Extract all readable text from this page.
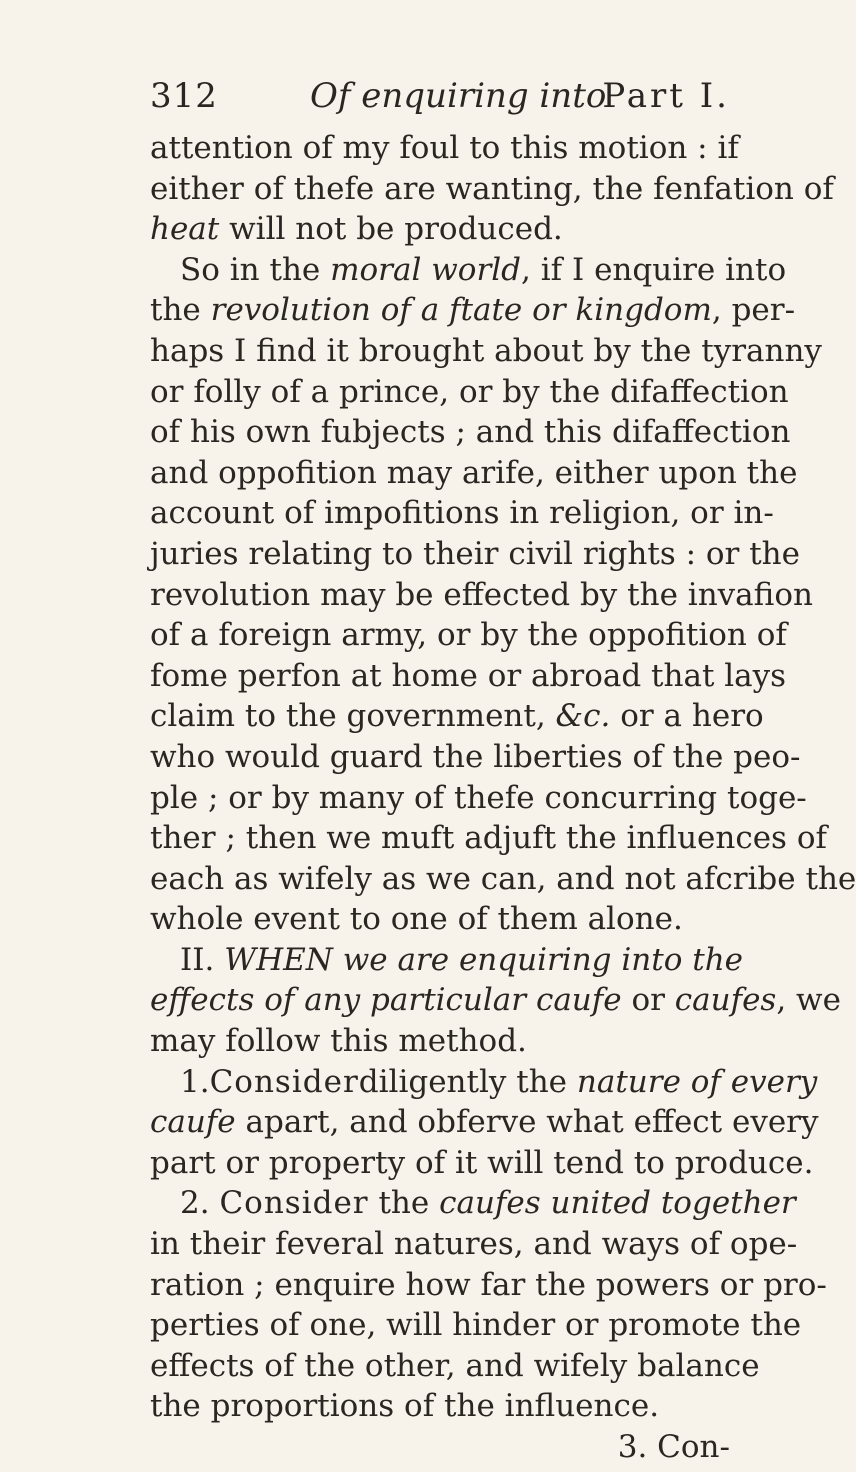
312	Of enquiring into
Part I.
attention of my foul to this motion : if
either of thefe are wanting, the fenfation of
heat will not be produced.
So in the moral world, if I enquire into
the revolution of a ftate or kingdom, per-
haps I find it brought about by the tyranny
or folly of a prince, or by the difaffection
of his own fubjects ; and this difaffection
and oppofition may arife, either upon the
account of impofitions in religion, or in-
juries relating to their civil rights : or the
revolution may be effected by the invafion
of a foreign army, or by the oppofition of
fome perfon at home or abroad that lays
claim to the government, &c. or a hero
who would guard the liberties of the peo-
ple ; or by many of thefe concurring toge-
ther ; then we muft adjuft the influences of
each as wifely as we can, and not afcribe the
whole event to one of them alone.
II. WHEN we are enquiring into the
effects of any particular caufe or caufes, we
may follow this method.
1.Considerdiligently the nature of every
caufe apart, and obferve what effect every
part or property of it will tend to produce.
2. Consider the caufes united together
in their feveral natures, and ways of ope-
ration ; enquire how far the powers or pro-
perties of one, will hinder or promote the
effects of the other, and wifely balance
the proportions of the influence.
3. Con-
